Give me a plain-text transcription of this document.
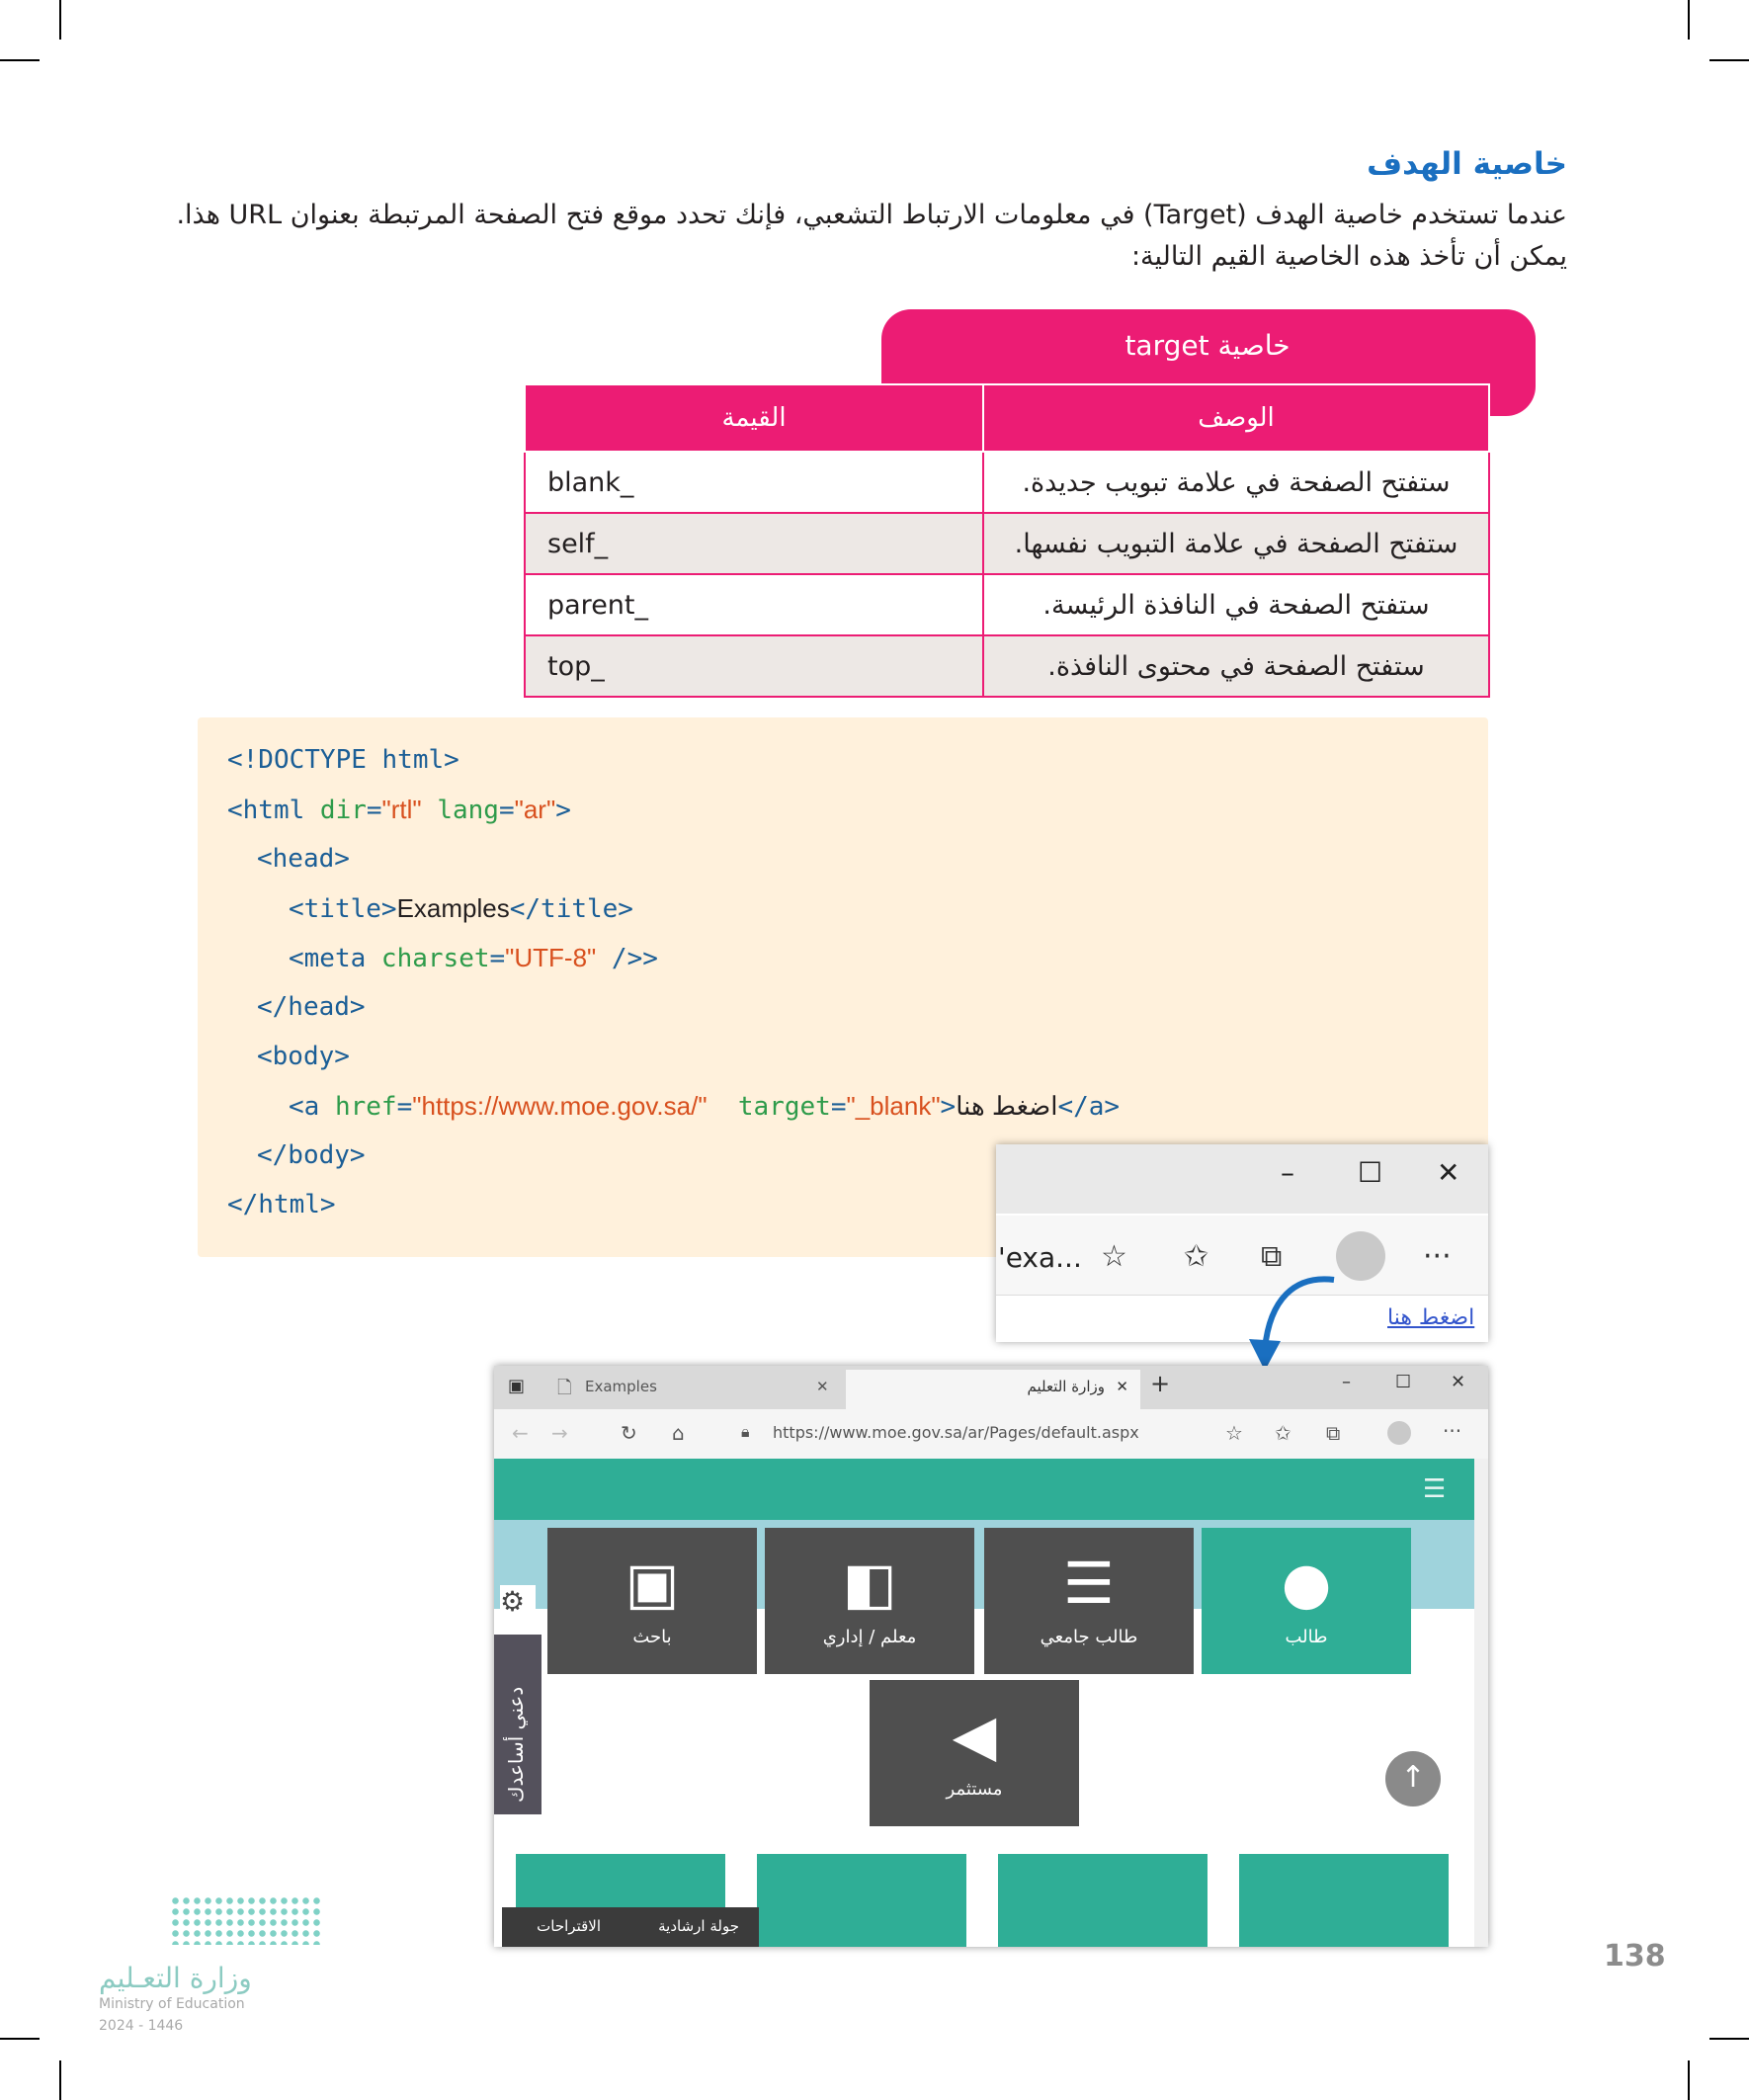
خاصية الهدف

عندما تستخدم خاصية الهدف (Target) في معلومات الارتباط التشعبي، فإنك تحدد موقع فتح الصفحة المرتبطة بعنوان URL هذا.

يمكن أن تأخذ هذه الخاصية القيم التالية:

خاصية target
القيمة	الوصف
blank_	ستفتح الصفحة في علامة تبويب جديدة.
self_	ستفتح الصفحة في علامة التبويب نفسها.
parent_	ستفتح الصفحة في النافذة الرئيسة.
top_	ستفتح الصفحة في محتوى النافذة.
<!DOCTYPE html>
<html dir="rtl" lang="ar">
<head>
<title>Examples</title>
<meta charset="UTF-8" />>
</head>
<body>
<a href="https://www.moe.gov.sa/"  target="_blank">اضغط هنا</a>
</body>
</html>
– ☐ ✕
'exa... ☆ ✩ ⧉	···
اضغط هنا
▣ 🗋 Examples	✕	وزارة التعليم ✕ +	–	☐ ✕
← →	↻ ⌂	🔒︎ https://www.moe.gov.sa/ar/Pages/default.aspx	☆ ✩ ⧉	···
☰
●
طالب
☰
طالب جامعي
◧
معلم / إداري
▣
باحث
◀
مستثمر
دعني أساعدك
⚙
↑
جولة ارشادية
الاقتراحات
138
وزارة التعـليم
Ministry of Education
2024 - 1446
